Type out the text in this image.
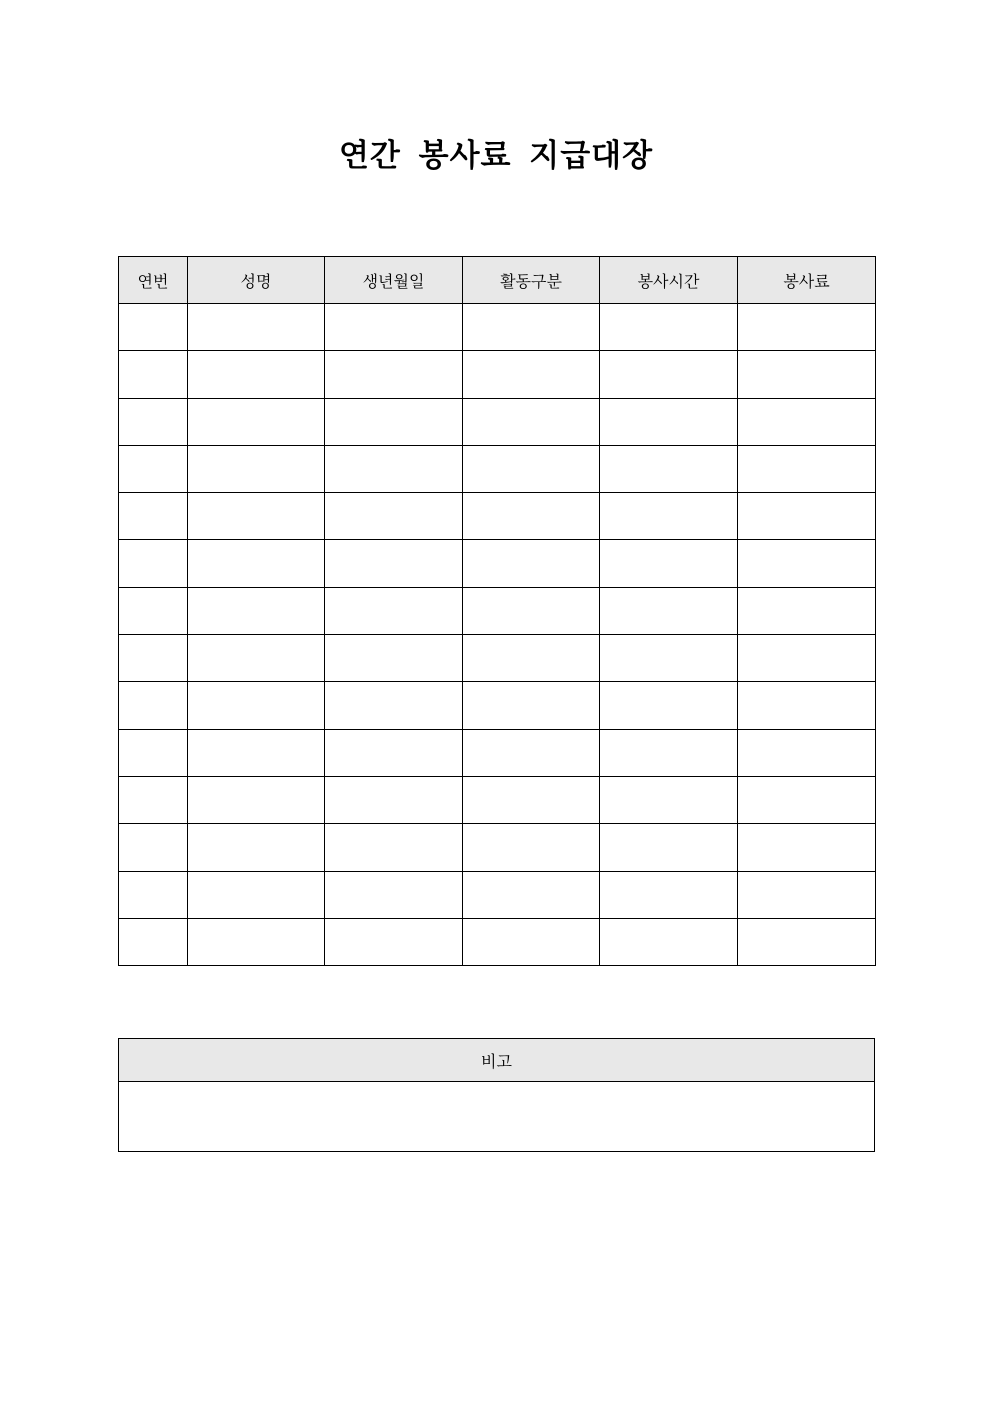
연간 봉사료 지급대장
연번	성명	생년월일	활동구분	봉사시간	봉사료

비고
